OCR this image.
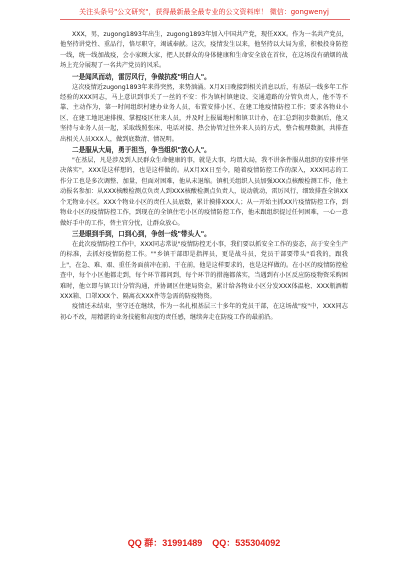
关注头条号"公文研究"，获得最新最全最专业的公文资料库！ 微信：gongwenyj

XXX，男，zugong1893年出生，zugong1893年加入中国共产党，现任XXX。作为一名共产党员，他坚持讲党性、重品行，恪尽职守，竭诚奉献。这次，疫情发生以来，他坚持以大局为重，积极投身防控一线，统一线加战疫，会小家顾大家，把人民群众的身体健康和生命安全放在首位，在这场没有硝烟的战场上充分展现了一名共产党员的风采。

一是闻风而动，雷厉风行，争做抗疫"明白人"。

这次疫情近zugong1893年来得突然，来势汹涌。X月X日晚接到相关消息以后，有基层一线多年工作经验的XXX同志，马上意识到事关了一丝的不安：作为镇村镇建设、交通道路的分管负责人，他不等不靠、主动作为，第一时间组织村建办业务人员，布置安排小区、在建工地疫情防控工作；要求各物业小区、在建工地迅速排摸、掌握疫区往来人员，并及时上报属地村和镇卫计办，在汇总到初步数据后，他又坚持与业务人员一起，采取线照张床、电话对接、热会协管过往外来人员的方式，整合梳理数据，共排查出相关人员XXX人，做到底数清、情况明。

二是服从大局，勇于担当，争当组织"放心人"。

"在基层，凡是涉及到人民群众生命健康的事，就是大事，均谓大局，我不讲条件服从组织的安排并坚决落实"，XXX是这样想的，也是这样做的。从X月XX日至今，随着疫情防控工作的深入，XXX同志的工作分工也是多次调整、加量，但面对困难，他从未退缩。镇机关组织人员加强XXX点核酸检测工作，他主动报名参加：从XXX核酸检测点负责人到XXX核酸检测点负责人，说动就动，雷厉风行，细致排查全镇XX个无物业小区。XXX个物业小区的责任人员底数，累计摸排XXX人；从一开始主抓XX片疫情防控工作，到物业小区的疫情防控工作，到现在的全镇住宅小区的疫情防控工作，他未跟组织提过任何困难，一心一意做好手中的工作，替主官分忧，让群众放心。

三是眼到手到，口到心到，争创一线"带头人"。

在此次疫情防控工作中，XXX同志常说"疫情防控无小事，我们要以抓安全工作的姿态，高于安全生产的标准，去抓好疫情防控工作。""乡镇干部即是指挥员，更是战斗员，党员干部要带头"看我的，跟我上"，在急、难、艰、重任务面前冲在前、干在前，他是这样要求的，也是这样做的。在小区的疫情防控检查中，每个小区他都走到，每个环节都问到，每个环节的措施都落实，当遇到有小区反应防疫物资采购困难时，他立即与镇卫计分管沟通，并协调区住建局资金，累计给各物业小区分发XXX体温枪、XXX瓶酒精 XXX箱、口罩XXX个、隔离衣XXX件等急需的防疫物资。

疫情还未结束，坚守还在继续，作为一名扎根基层三十多年的党员干部，在这场战"疫"中，XXX同志初心不改，用精湛的业务技能和高度的责任感，继续奔走在防疫工作的最前沿。

QQ 群：31991489 QQ：535304092
